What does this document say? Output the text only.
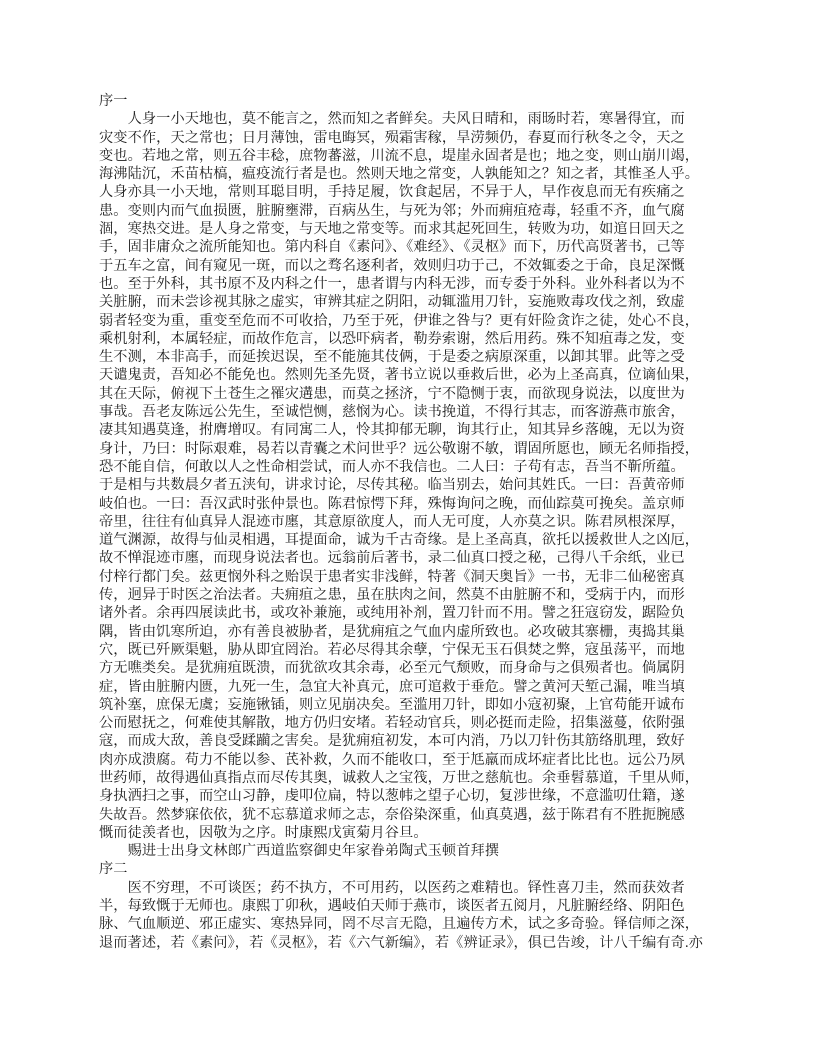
序一
　　人身一小天地也，莫不能言之，然而知之者鲜矣。夫风日晴和，雨旸时若，寒暑得宜，而
灾变不作，天之常也；日月薄蚀，雷电晦冥，殒霜害稼，旱涝频仍，春夏而行秋冬之令，天之
变也。若地之常，则五谷丰稔，庶物蕃滋，川流不息，堤崖永固者是也；地之变，则山崩川竭，
海沸陆沉，禾苗枯槁，瘟疫流行者是也。然则天地之常变，人孰能知之？知之者，其惟圣人乎。
人身亦具一小天地，常则耳聪目明，手持足履，饮食起居，不异于人，早作夜息而无有疾痛之
患。变则内而气血损匮，脏腑壅滞，百病丛生，与死为邻；外而痈疽疮毒，轻重不齐，血气腐
涸，寒热交进。是人身之常变，与天地之常变等。而求其起死回生，转败为功，如逭日回天之
手，固非庸众之流所能知也。第内科自《素问》、《难经》、《灵枢》而下，历代高贤著书，己等
于五车之富，间有窥见一斑，而以之骛名逐利者，效则归功于己，不效辄委之于命，良足深慨
也。至于外科，其书原不及内科之什一，患者谓与内科无涉，而专委于外科。业外科者以为不
关脏腑，而未尝诊视其脉之虚实，审辨其症之阴阳，动辄滥用刀针，妄施败毒攻伐之剂，致虚
弱者轻变为重，重变至危而不可收拾，乃至于死，伊谁之咎与？更有奸险贪诈之徒，处心不良，
乘机射利，本属轻症，而故作危言，以恐吓病者，勒券索谢，然后用药。殊不知疽毒之发，变
生不测，本非高手，而延挨迟误，至不能施其伎俩，于是委之病原深重，以卸其罪。此等之受
天谴鬼责，吾知必不能免也。然则先圣先贤，著书立说以垂救后世，必为上圣高真，位谪仙果，
其在天际，俯视下土苍生之罹灾遘患，而莫之拯济，宁不隐恻于衷，而欲现身说法，以度世为
事哉。吾老友陈远公先生，至诚恺恻，慈悯为心。读书挽道，不得行其志，而客游燕市旅舍，
凄其知遇莫逢，拊膺增叹。有同寓二人，怜其抑郁无聊，询其行止，知其异乡落魄，无以为资
身计，乃曰：时际艰难，曷若以青囊之术问世乎？远公敬谢不敏，谓固所愿也，顾无名师指授，
恐不能自信，何敢以人之性命相尝试，而人亦不我信也。二人曰：子苟有志，吾当不靳所蕴。
于是相与共数晨夕者五浃旬，讲求讨论，尽传其秘。临当别去，始问其姓氏。一曰：吾黄帝师
岐伯也。一曰：吾汉武时张仲景也。陈君惊愕下拜，殊悔询问之晚，而仙踪莫可挽矣。盖京师
帝里，往往有仙真异人混迹市廛，其意原欲度人，而人无可度，人亦莫之识。陈君夙根深厚，
道气渊源，故得与仙灵相遇，耳提面命，诚为千古奇缘。是上圣高真，欲托以援救世人之凶厄，
故不惮混迹市廛，而现身说法者也。远翁前后著书，录二仙真口授之秘，己得八千余纸，业已
付梓行都门矣。兹更悯外科之贻误于患者实非浅鲜，特著《洞天奥旨》一书，无非二仙秘密真
传，迥异于时医之治法者。夫痈疽之患，虽在肤肉之间，然莫不由脏腑不和，受病于内，而形
诸外者。余再四展读此书，或攻补兼施，或纯用补剂，置刀针而不用。譬之狂寇窃发，踞险负
隅，皆由饥寒所迫，亦有善良被胁者，是犹痈疽之气血内虚所致也。必攻破其寨栅，夷捣其巢
穴，既已歼厥渠魁，胁从即宜罔治。若必尽得其余孽，宁保无玉石俱焚之弊，寇虽荡平，而地
方无噍类矣。是犹痈疽既溃，而犹欲攻其余毒，必至元气颓败，而身命与之俱殒者也。倘属阴
症，皆由脏腑内匮，九死一生，急宜大补真元，庶可逭救于垂危。譬之黄河天堑己漏，唯当填
筑补塞，庶保无虞；妄施锹锸，则立见崩决矣。至滥用刀针，即如小寇初聚，上官苟能开诚布
公而慰抚之，何难使其解散，地方仍归安堵。若轻动官兵，则必挺而走险，招集滋蔓，依附强
寇，而成大敌，善良受蹂躏之害矣。是犹痈疽初发，本可内消，乃以刀针伤其筋络肌理，致好
肉亦成溃腐。苟力不能以参、芪补救，久而不能收口，至于尪羸而成坏症者比比也。远公乃夙
世药师，故得遇仙真指点而尽传其奥，诚救人之宝筏，万世之慈航也。余垂髫慕道，千里从师，
身执洒扫之事，而空山习静，虔叩位扁，特以葱帏之望子心切，复涉世缘，不意滥叨仕籍，遂
失故吾。然梦寐依依，犹不忘慕道求师之志，奈俗染深重，仙真莫遇，兹于陈君有不胜扼腕感
慨而徒羡者也，因敬为之序。时康熙戊寅菊月谷旦。
　　赐进士出身文林郎广西道监察御史年家眷弟陶式玉顿首拜撰
序二
　　医不穷理，不可谈医；药不执方，不可用药，以医药之难精也。铎性喜刀圭，然而获效者
半，每致慨于无师也。康熙丁卯秋，遇岐伯天师于燕市，谈医者五阅月，凡脏腑经络、阴阳色
脉、气血顺逆、邪正虚实、寒热异同，罔不尽言无隐，且遍传方术，试之多奇验。铎信师之深，
退而著述，若《素问》，若《灵枢》，若《六气新编》，若《辨证录》，俱已告竣，计八千编有奇.亦
